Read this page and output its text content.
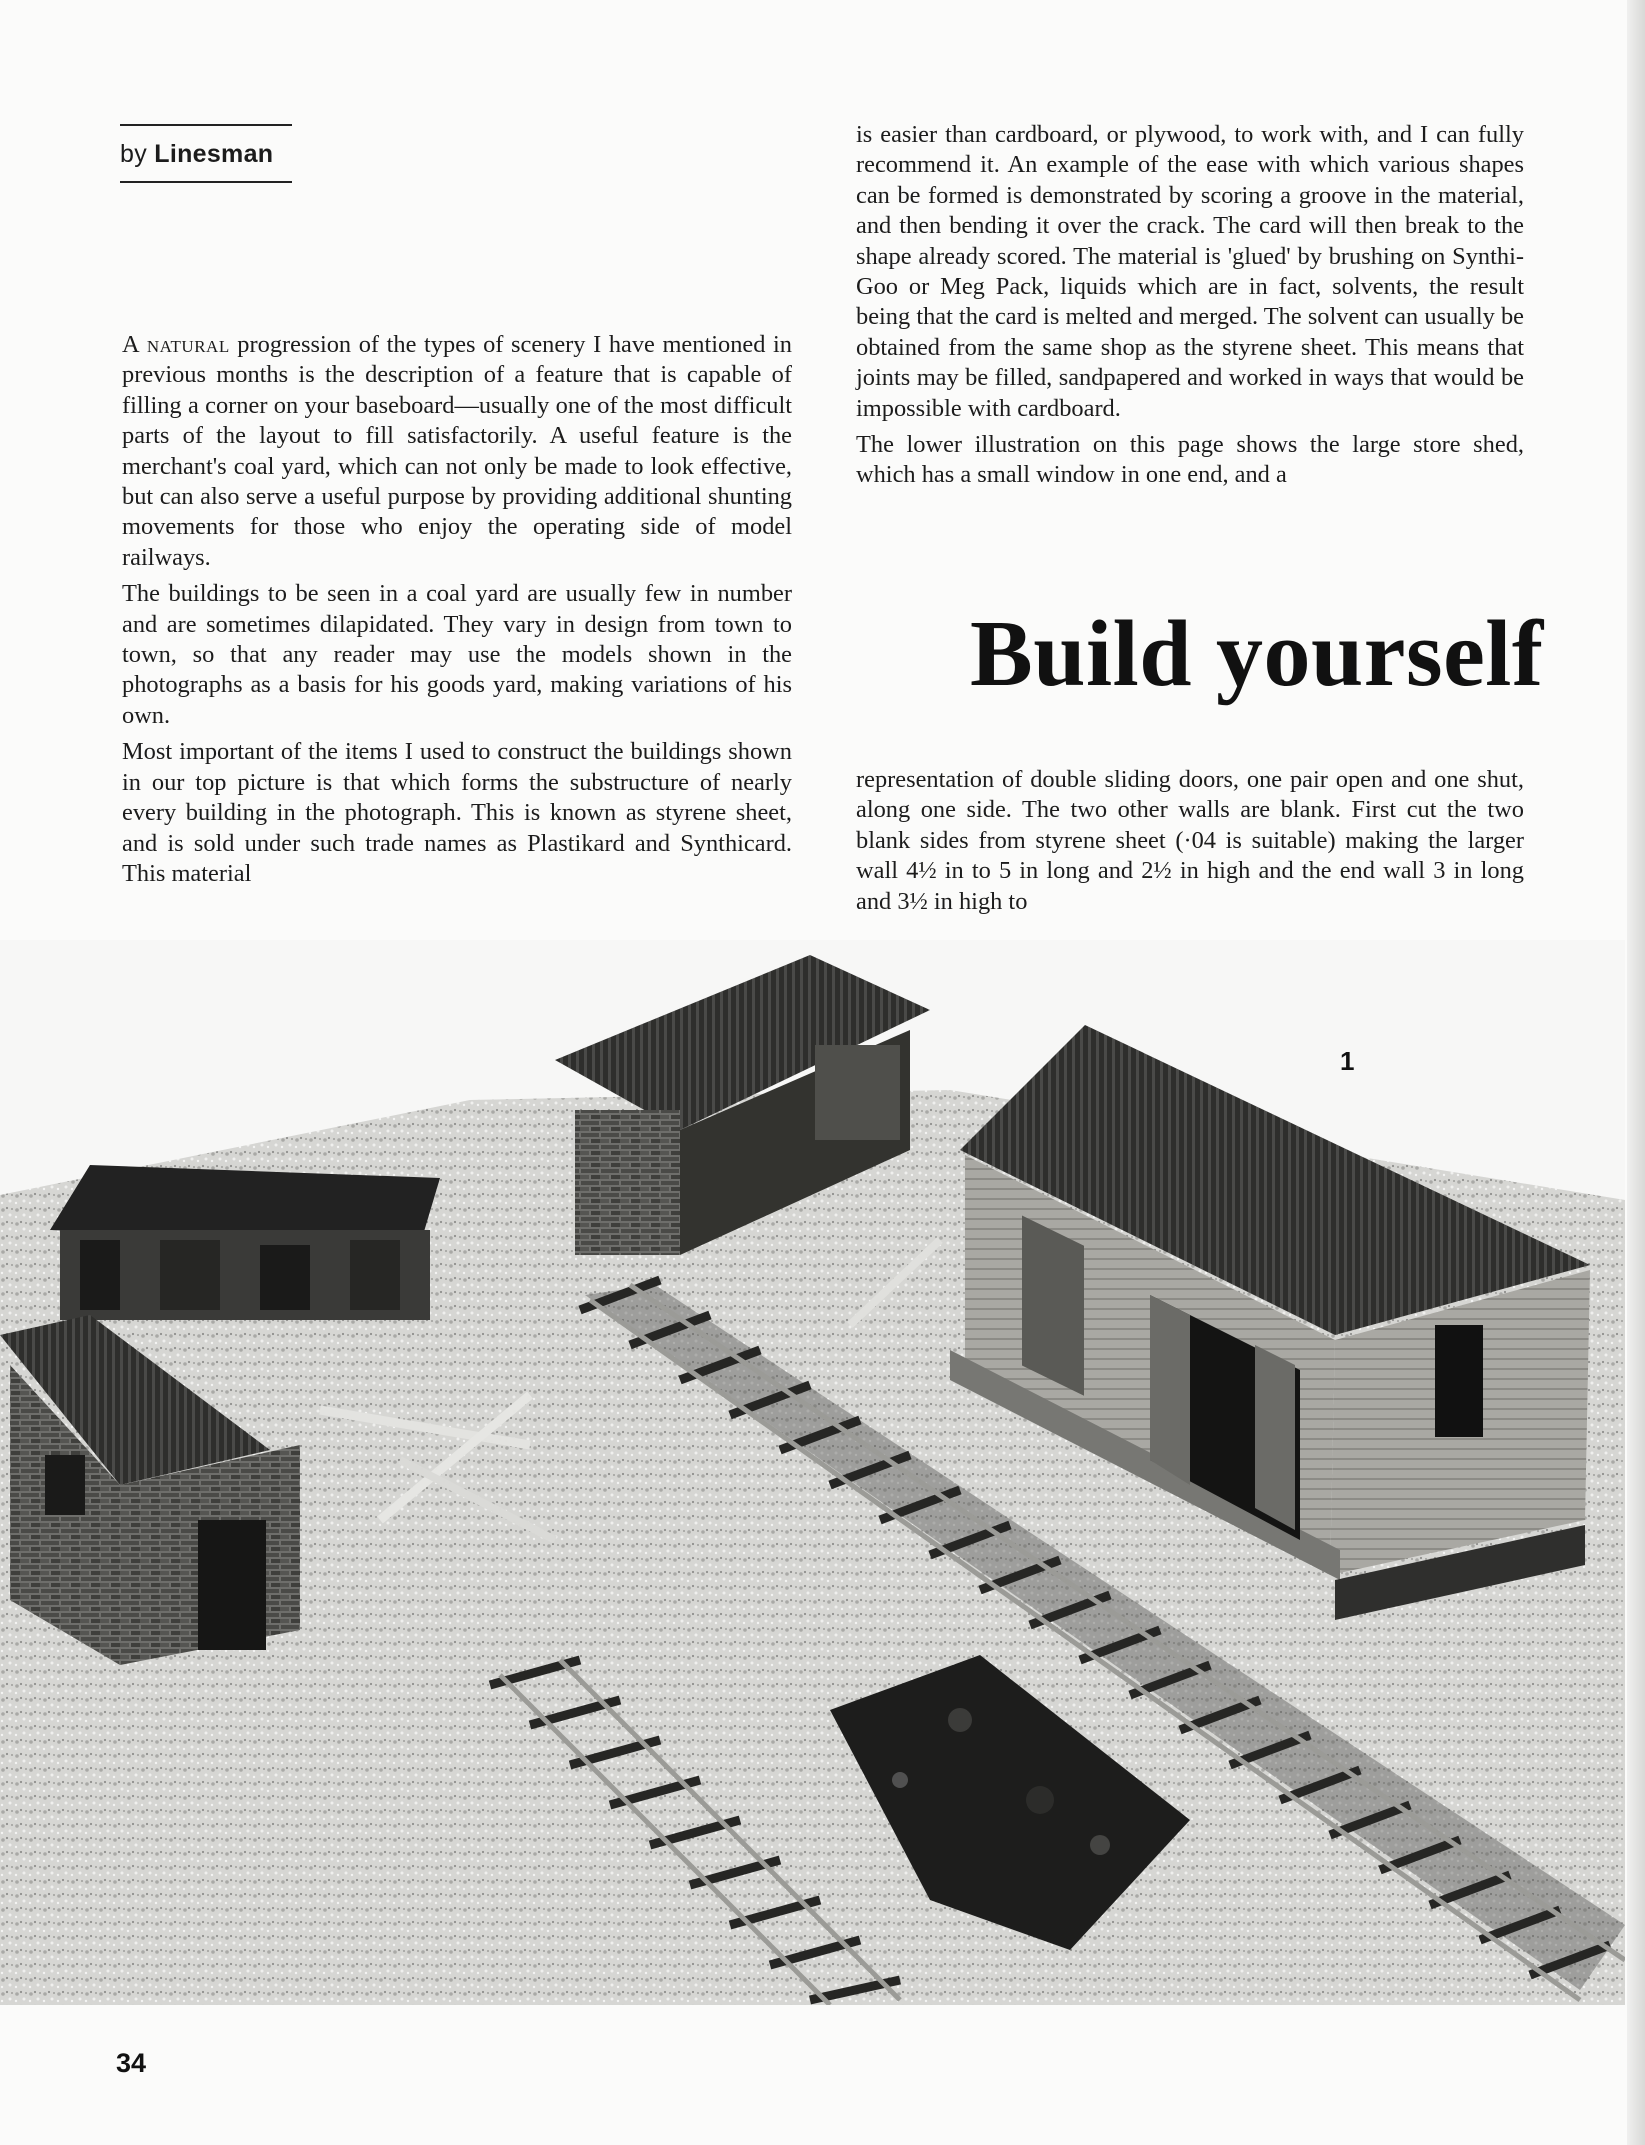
by Linesman

A natural progression of the types of scenery I have mentioned in previous months is the description of a feature that is capable of filling a corner on your baseboard—usually one of the most difficult parts of the layout to fill satisfactorily. A useful feature is the merchant's coal yard, which can not only be made to look effective, but can also serve a useful purpose by providing additional shunting movements for those who enjoy the operating side of model railways.

The buildings to be seen in a coal yard are usually few in number and are sometimes dilapidated. They vary in design from town to town, so that any reader may use the models shown in the photographs as a basis for his goods yard, making variations of his own.

Most important of the items I used to construct the buildings shown in our top picture is that which forms the substructure of nearly every building in the photograph. This is known as styrene sheet, and is sold under such trade names as Plastikard and Synthicard. This material

is easier than cardboard, or plywood, to work with, and I can fully recommend it. An example of the ease with which various shapes can be formed is demonstrated by scoring a groove in the material, and then bending it over the crack. The card will then break to the shape already scored. The material is 'glued' by brushing on Synthi-Goo or Meg Pack, liquids which are in fact, solvents, the result being that the card is melted and merged. The solvent can usually be obtained from the same shop as the styrene sheet. This means that joints may be filled, sandpapered and worked in ways that would be impossible with cardboard.

The lower illustration on this page shows the large store shed, which has a small window in one end, and a

Build yourself

representation of double sliding doors, one pair open and one shut, along one side. The two other walls are blank. First cut the two blank sides from styrene sheet (·04 is suitable) making the larger wall 4½ in to 5 in long and 2½ in high and the end wall 3 in long and 3½ in high to

1
34
